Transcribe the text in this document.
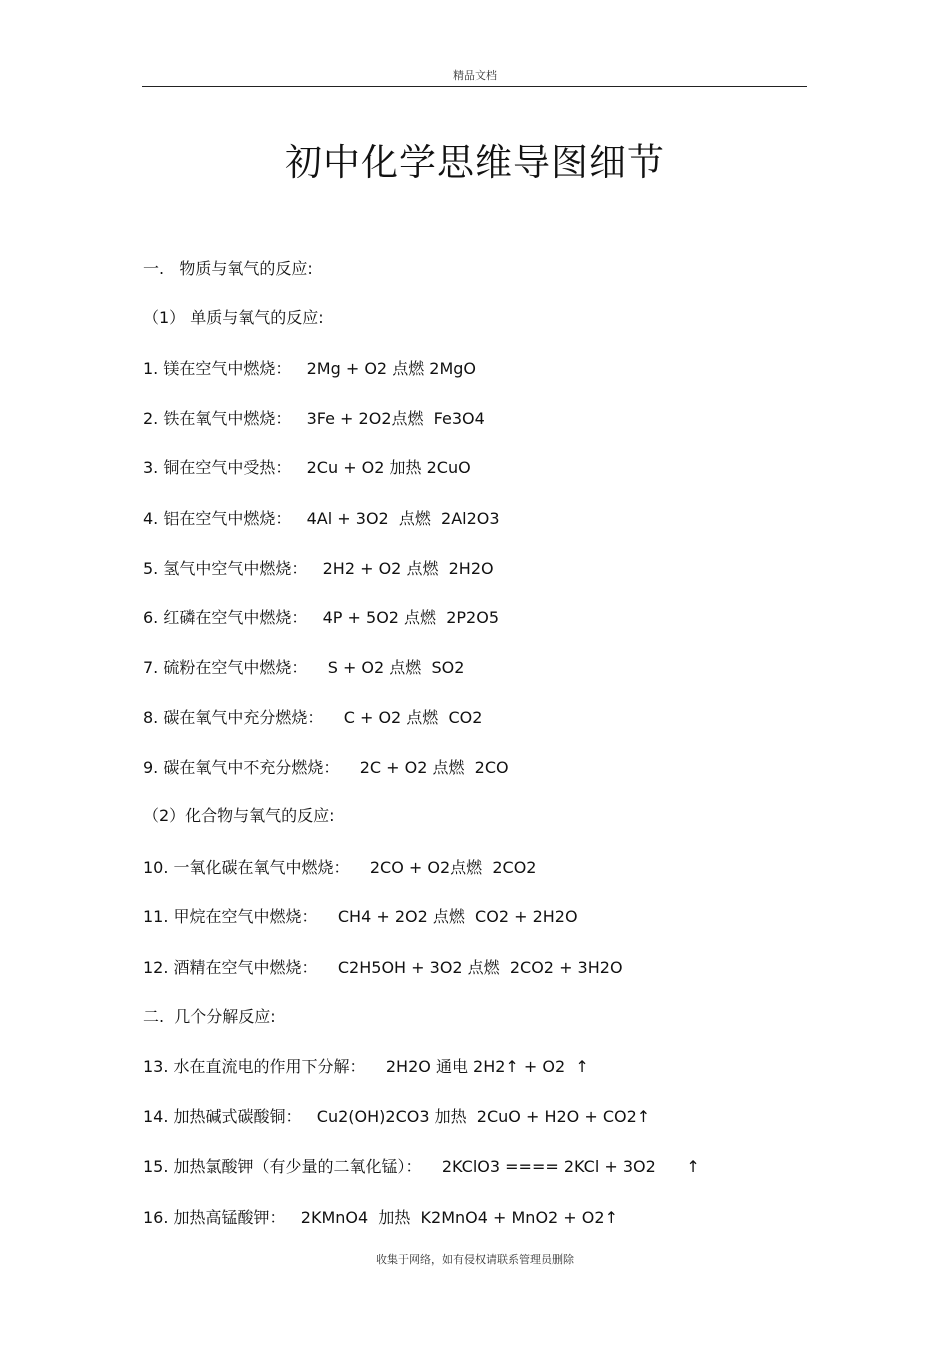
精品文档
初中化学思维导图细节
一.   物质与氧气的反应:
（1） 单质与氧气的反应:
1. 镁在空气中燃烧：   2Mg + O2 点燃 2MgO
2. 铁在氧气中燃烧：   3Fe + 2O2点燃  Fe3O4
3. 铜在空气中受热：   2Cu + O2 加热 2CuO
4. 铝在空气中燃烧：   4Al + 3O2  点燃  2Al2O3
5. 氢气中空气中燃烧：   2H2 + O2 点燃  2H2O
6. 红磷在空气中燃烧：   4P + 5O2 点燃  2P2O5
7. 硫粉在空气中燃烧：    S + O2 点燃  SO2
8. 碳在氧气中充分燃烧：    C + O2 点燃  CO2
9. 碳在氧气中不充分燃烧：    2C + O2 点燃  2CO
（2）化合物与氧气的反应:
10. 一氧化碳在氧气中燃烧：    2CO + O2点燃  2CO2
11. 甲烷在空气中燃烧：    CH4 + 2O2 点燃  CO2 + 2H2O
12. 酒精在空气中燃烧：    C2H5OH + 3O2 点燃  2CO2 + 3H2O
二.  几个分解反应:
13. 水在直流电的作用下分解：    2H2O 通电 2H2↑ + O2  ↑
14. 加热碱式碳酸铜：   Cu2(OH)2CO3 加热  2CuO + H2O + CO2↑
15. 加热氯酸钾（有少量的二氧化锰）：    2KClO3 ==== 2KCl + 3O2      ↑
16. 加热高锰酸钾：   2KMnO4  加热  K2MnO4 + MnO2 + O2↑
收集于网络，如有侵权请联系管理员删除
